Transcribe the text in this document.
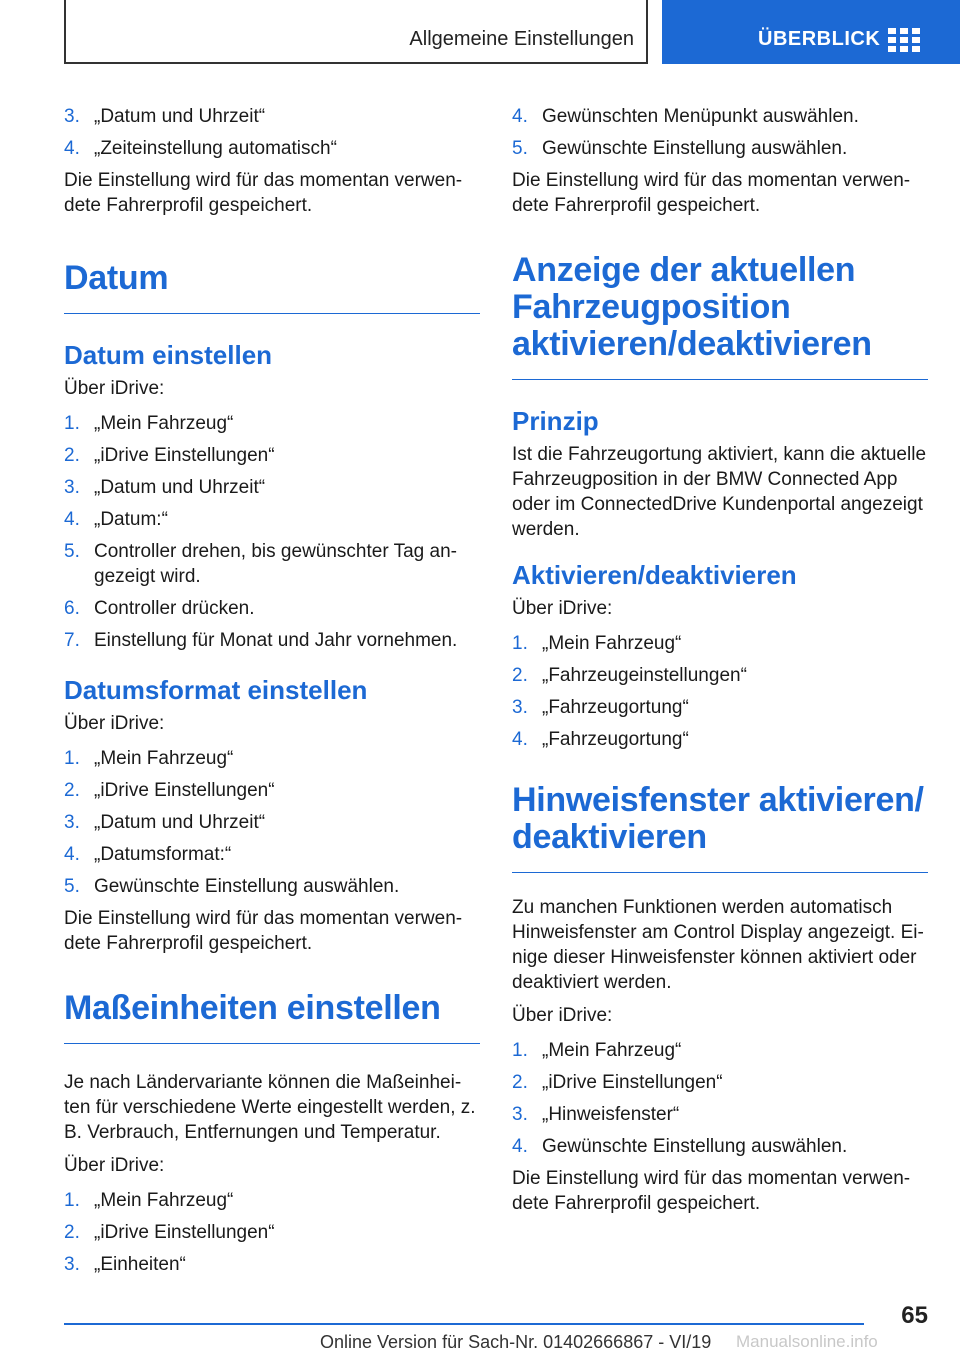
Allgemeine Einstellungen	ÜBERBLICK
3. „Datum und Uhrzeit“
4. „Zeiteinstellung automatisch“

Die Einstellung wird für das momentan verwen-dete Fahrerprofil gespeichert.

Datum
Datum einstellen

Über iDrive:

1. „Mein Fahrzeug“
2. „iDrive Einstellungen“
3. „Datum und Uhrzeit“
4. „Datum:“
5. Controller drehen, bis gewünschter Tag an-gezeigt wird.
6. Controller drücken.
7. Einstellung für Monat und Jahr vornehmen.
Datumsformat einstellen

Über iDrive:

1. „Mein Fahrzeug“
2. „iDrive Einstellungen“
3. „Datum und Uhrzeit“
4. „Datumsformat:“
5. Gewünschte Einstellung auswählen.

Die Einstellung wird für das momentan verwen-dete Fahrerprofil gespeichert.

Maßeinheiten einstellen

Je nach Ländervariante können die Maßeinhei-ten für verschiedene Werte eingestellt werden, z. B. Verbrauch, Entfernungen und Temperatur.

Über iDrive:

1. „Mein Fahrzeug“
2. „iDrive Einstellungen“
3. „Einheiten“
4. Gewünschten Menüpunkt auswählen.
5. Gewünschte Einstellung auswählen.

Die Einstellung wird für das momentan verwen-dete Fahrerprofil gespeichert.

Anzeige der aktuellen Fahrzeugposition aktivieren/deaktivieren
Prinzip

Ist die Fahrzeugortung aktiviert, kann die aktuelle Fahrzeugposition in der BMW Connected App oder im ConnectedDrive Kundenportal angezeigt werden.

Aktivieren/deaktivieren

Über iDrive:

1. „Mein Fahrzeug“
2. „Fahrzeugeinstellungen“
3. „Fahrzeugortung“
4. „Fahrzeugortung“
Hinweisfenster aktivieren/ deaktivieren

Zu manchen Funktionen werden automatisch Hinweisfenster am Control Display angezeigt. Ei-nige dieser Hinweisfenster können aktiviert oder deaktiviert werden.

Über iDrive:

1. „Mein Fahrzeug“
2. „iDrive Einstellungen“
3. „Hinweisfenster“
4. Gewünschte Einstellung auswählen.

Die Einstellung wird für das momentan verwen-dete Fahrerprofil gespeichert.

65
Online Version für Sach-Nr. 01402666867 - VI/19 Manualsonline.info
